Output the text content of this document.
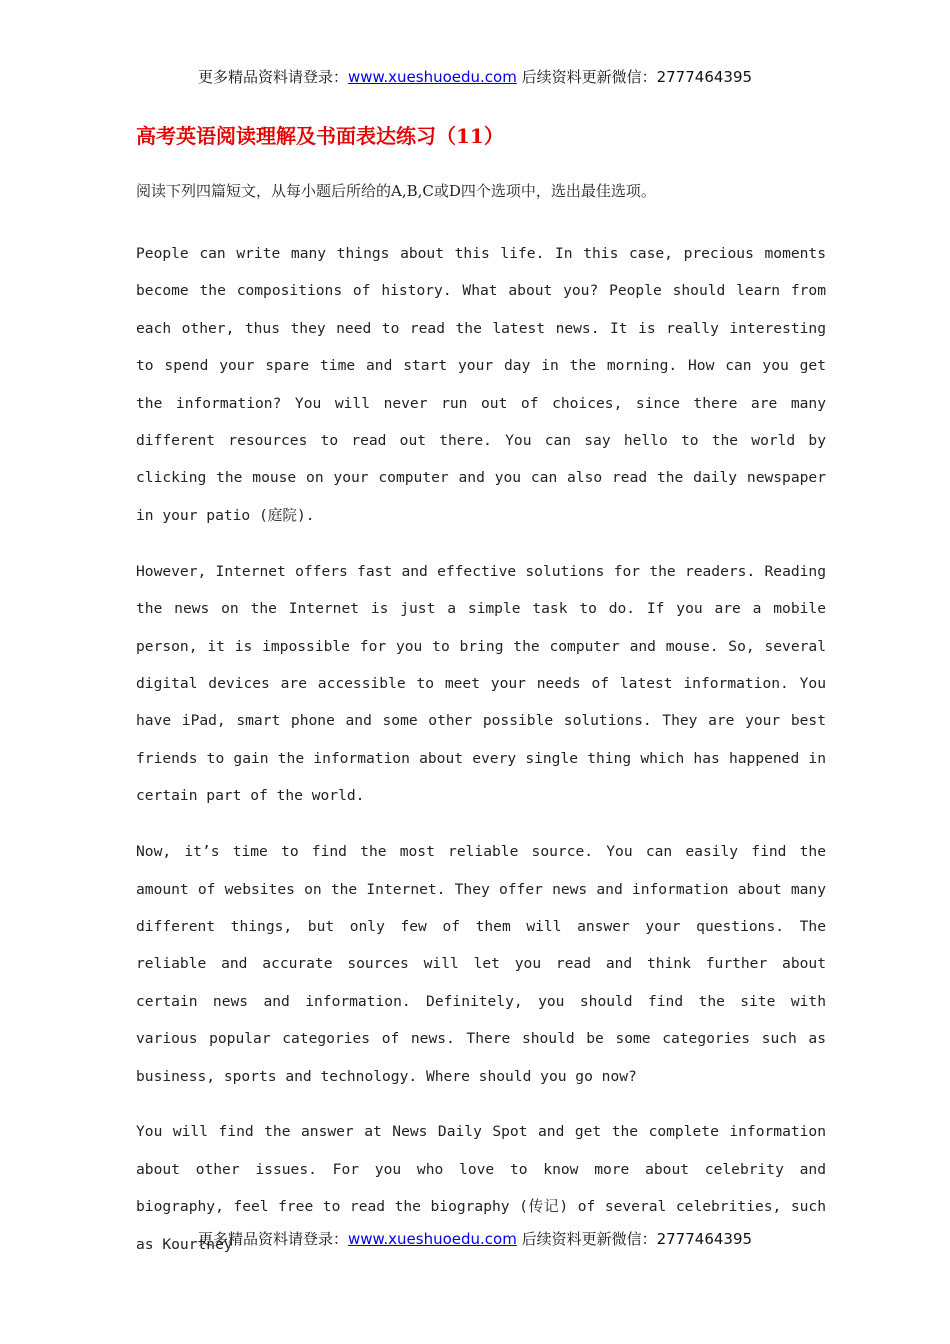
更多精品资料请登录：www.xueshuoedu.com 后续资料更新微信：2777464395
高考英语阅读理解及书面表达练习（11）
阅读下列四篇短文，从每小题后所给的A,B,C或D四个选项中，选出最佳选项。

People can write many things about this life. In this case, precious moments become the compositions of history. What about you? People should learn from each other, thus they need to read the latest news. It is really interesting to spend your spare time and start your day in the morning. How can you get the information? You will never run out of choices, since there are many different resources to read out there. You can say hello to the world by clicking the mouse on your computer and you can also read the daily newspaper in your patio (庭院).

However, Internet offers fast and effective solutions for the readers. Reading the news on the Internet is just a simple task to do. If you are a mobile person, it is impossible for you to bring the computer and mouse. So, several digital devices are accessible to meet your needs of latest information. You have iPad, smart phone and some other possible solutions. They are your best friends to gain the information about every single thing which has happened in certain part of the world.

Now, it’s time to find the most reliable source. You can easily find the amount of websites on the Internet. They offer news and information about many different things, but only few of them will answer your questions. The reliable and accurate sources will let you read and think further about certain news and information. Definitely, you should find the site with various popular categories of news. There should be some categories such as business, sports and technology. Where should you go now?

You will find the answer at News Daily Spot and get the complete information about other issues. For you who love to know more about celebrity and biography, feel free to read the biography (传记) of several celebrities, such as Kourtney

更多精品资料请登录：www.xueshuoedu.com 后续资料更新微信：2777464395
